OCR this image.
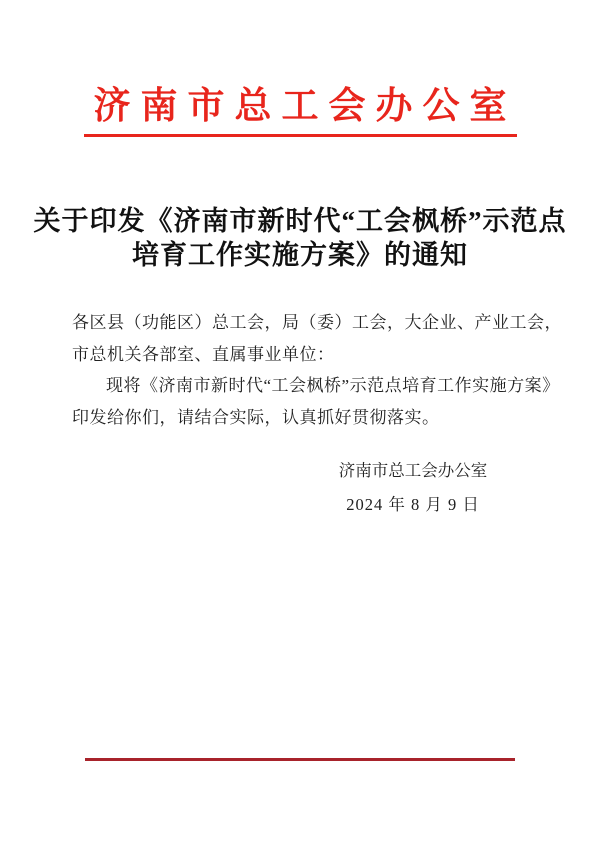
济南市总工会办公室
关于印发《济南市新时代“工会枫桥”示范点
培育工作实施方案》的通知
各区县（功能区）总工会，局（委）工会，大企业、产业工会，
市总机关各部室、直属事业单位：
现将《济南市新时代“工会枫桥”示范点培育工作实施方案》
印发给你们，请结合实际，认真抓好贯彻落实。
济南市总工会办公室
2024 年 8 月 9 日
